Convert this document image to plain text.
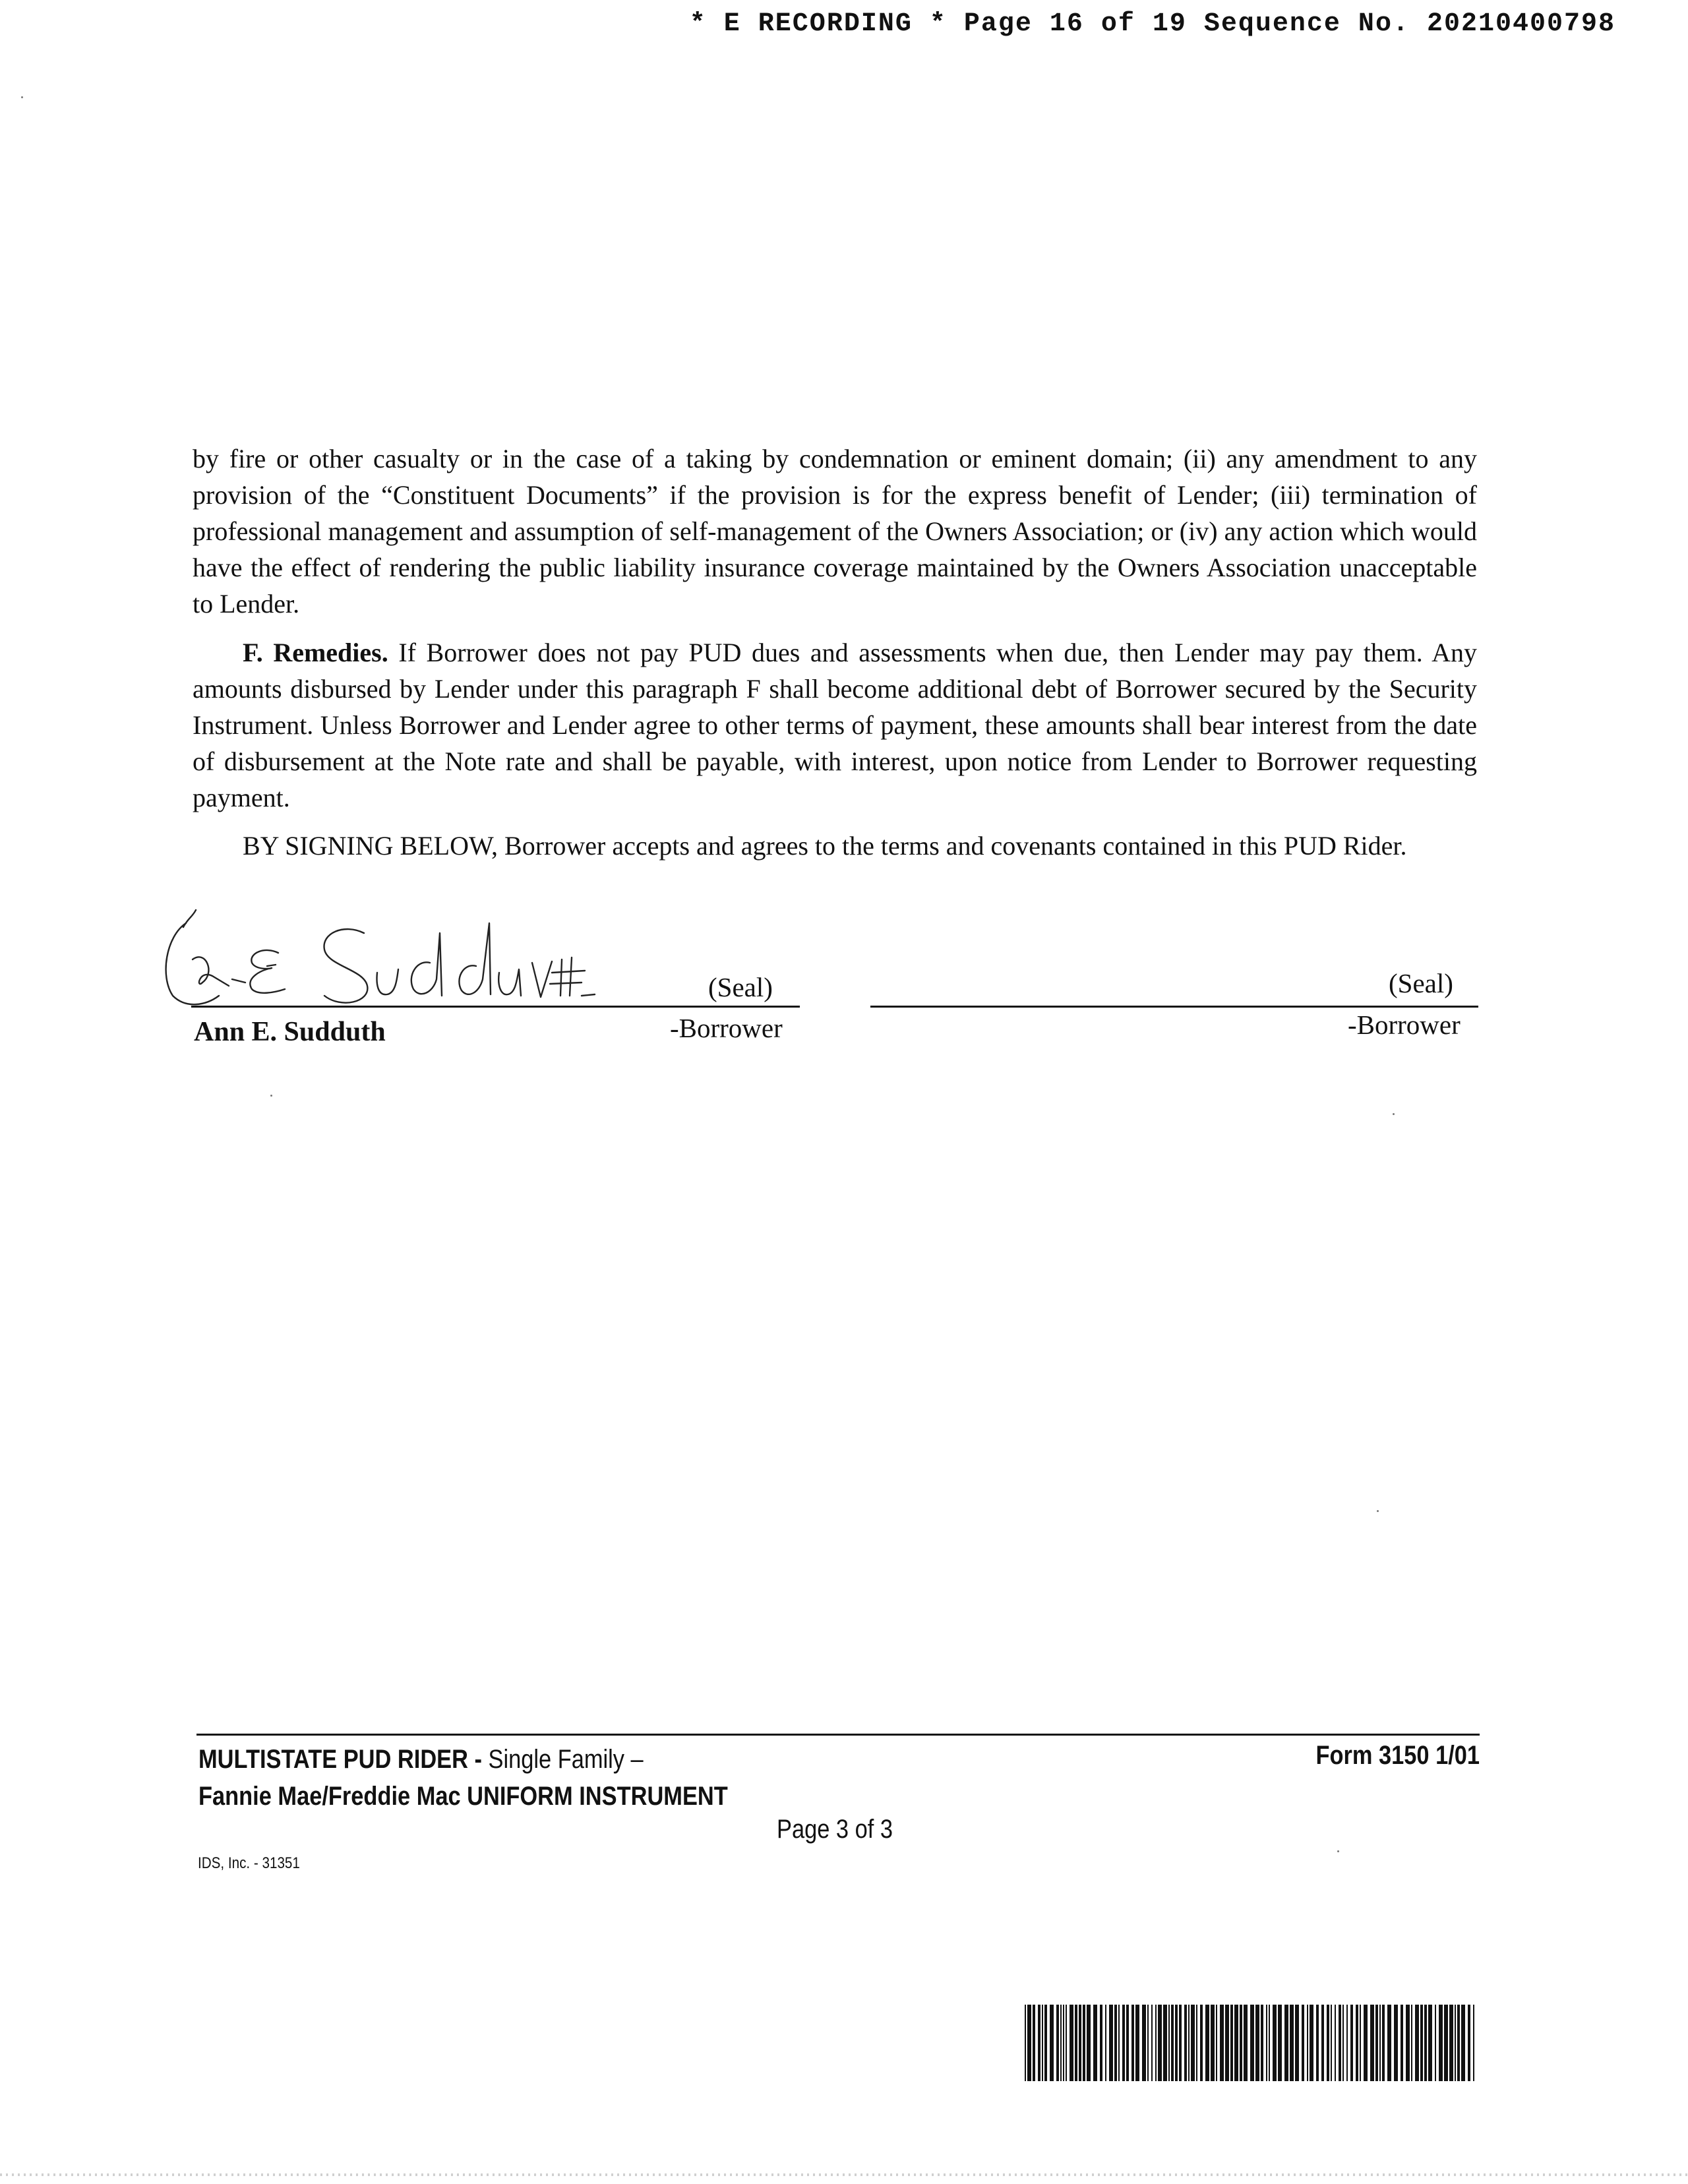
* E RECORDING * Page 16 of 19 Sequence No. 20210400798
by fire or other casualty or in the case of a taking by condemnation or eminent domain; (ii) any amendment to any provision of the “Constituent Documents” if the provision is for the express benefit of Lender; (iii) termination of professional management and assumption of self-management of the Owners Association; or (iv) any action which would have the effect of rendering the public liability insurance coverage maintained by the Owners Association unacceptable to Lender.
F. Remedies. If Borrower does not pay PUD dues and assessments when due, then Lender may pay them. Any amounts disbursed by Lender under this paragraph F shall become additional debt of Borrower secured by the Security Instrument. Unless Borrower and Lender agree to other terms of payment, these amounts shall bear interest from the date of disbursement at the Note rate and shall be payable, with interest, upon notice from Lender to Borrower requesting payment.
BY SIGNING BELOW, Borrower accepts and agrees to the terms and covenants contained in this PUD Rider.
(Seal)
Ann E. Sudduth	-Borrower
(Seal)
-Borrower
MULTISTATE PUD RIDER - Single Family –
Fannie Mae/Freddie Mac UNIFORM INSTRUMENT
Form 3150 1/01
Page 3 of 3
IDS, Inc. - 31351
